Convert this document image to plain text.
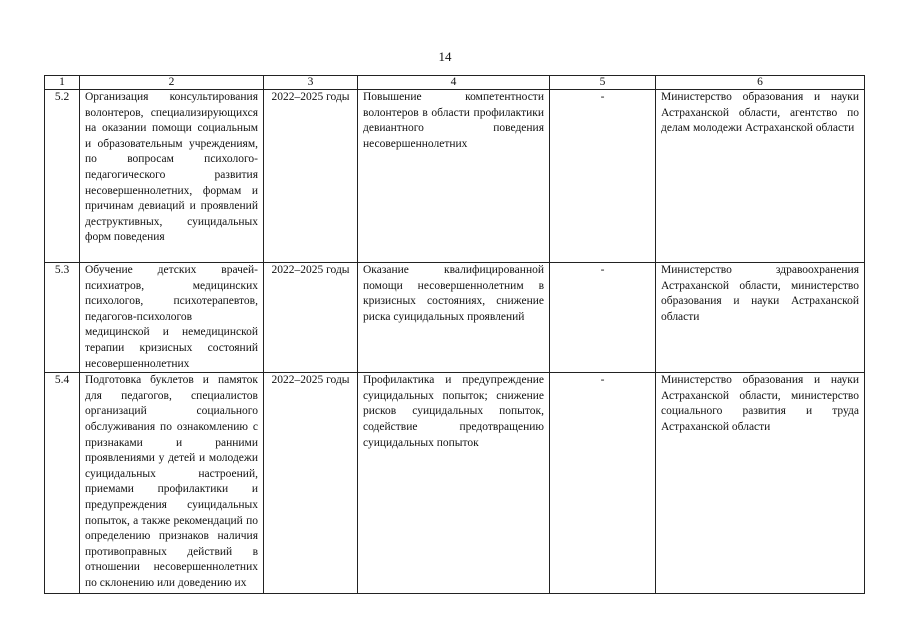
14
1	2	3	4	5	6
5.2	Организация консультирования волонтеров, специализирующихся на оказании помощи социальным и образовательным учреждениям, по вопросам психолого-педагогического развития несовершеннолетних, формам и причинам девиаций и проявлений деструктивных, суицидальных форм поведения	2022–2025 годы	Повышение компетентности волонтеров в области профилактики девиантного поведения несовершеннолетних	-	Министерство образования и науки Астраханской области, агентство по делам молодежи Астраханской области
5.3	Обучение детских врачей-психиатров, медицинских психологов, психотерапевтов, педагогов-психологов медицинской и немедицинской терапии кризисных состояний несовершеннолетних	2022–2025 годы	Оказание квалифицированной помощи несовершеннолетним в кризисных состояниях, снижение риска суицидальных проявлений	-	Министерство здравоохранения Астраханской области, министерство образования и науки Астраханской области
5.4	Подготовка буклетов и памяток для педагогов, специалистов организаций социального обслуживания по ознакомлению с признаками и ранними проявлениями у детей и молодежи суицидальных настроений, приемами профилактики и предупреждения суицидальных попыток, а также рекомендаций по определению признаков наличия противоправных действий в отношении несовершеннолетних по склонению или доведению их	2022–2025 годы	Профилактика и предупреждение суицидальных попыток; снижение рисков суицидальных попыток, содействие предотвращению суицидальных попыток	-	Министерство образования и науки Астраханской области, министерство социального развития и труда Астраханской области
